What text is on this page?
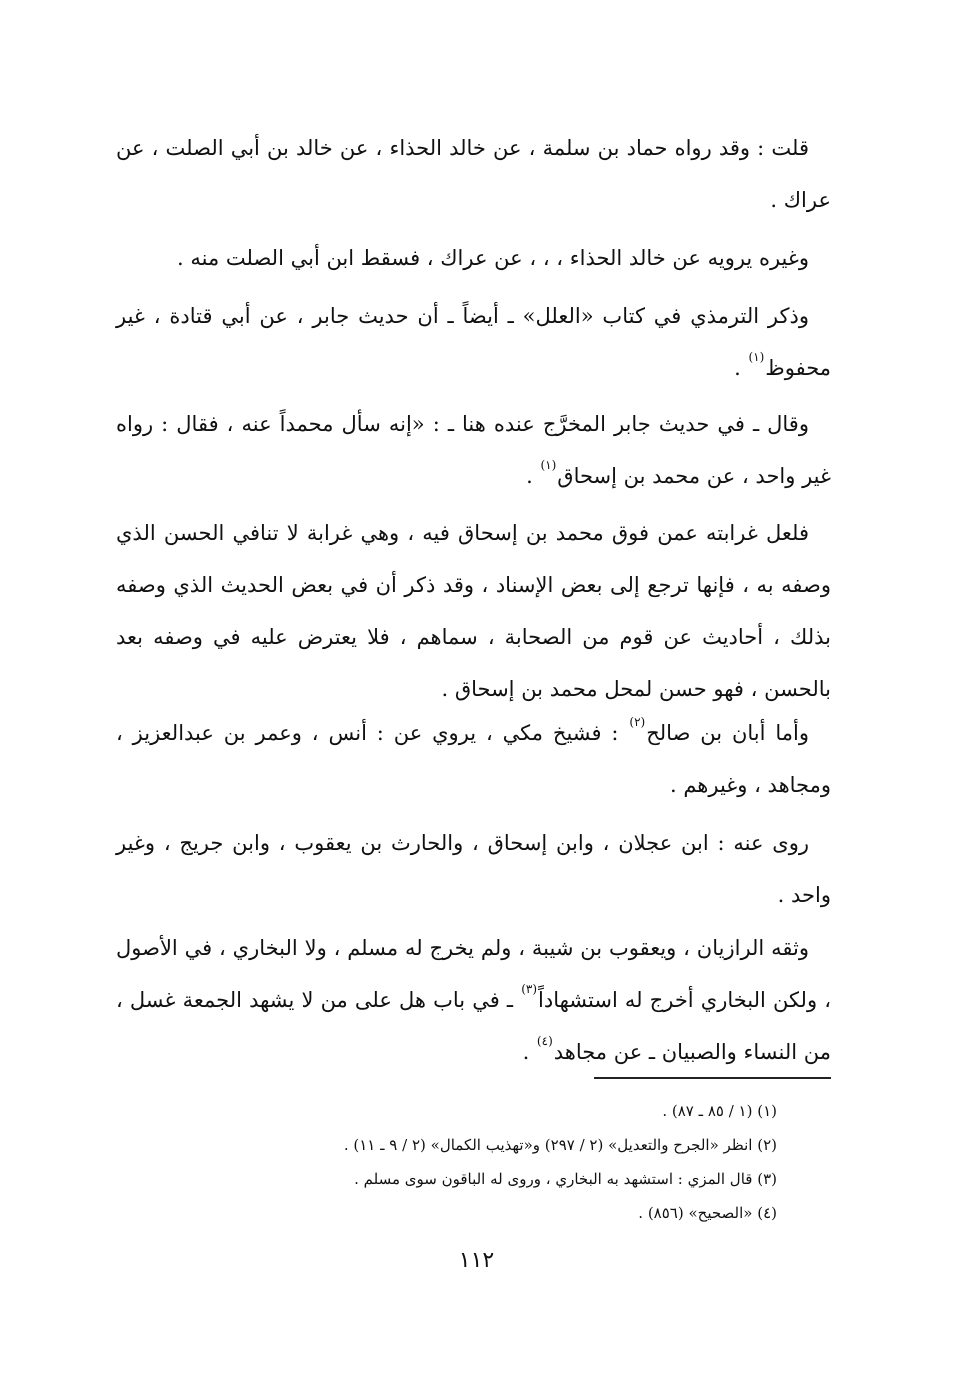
قلت : وقد رواه حماد بن سلمة ، عن خالد الحذاء ، عن خالد بن أبي الصلت ، عن عراك .

وغيره يرويه عن خالد الحذاء ، ، ، عن عراك ، فسقط ابن أبي الصلت منه .

وذكر الترمذي في كتاب «العلل» ـ أيضاً ـ أن حديث جابر ، عن أبي قتادة ، غير محفوظ$^{(١)}$ .

وقال ـ في حديث جابر المخرَّج عنده هنا ـ : «إنه سأل محمداً عنه ، فقال : رواه غير واحد ، عن محمد بن إسحاق$^{(١)}$ .

فلعل غرابته عمن فوق محمد بن إسحاق فيه ، وهي غرابة لا تنافي الحسن الذي وصفه به ، فإنها ترجع إلى بعض الإسناد ، وقد ذكر أن في بعض الحديث الذي وصفه بذلك ، أحاديث عن قوم من الصحابة ، سماهم ، فلا يعترض عليه في وصفه بعد بالحسن ، فهو حسن لمحل محمد بن إسحاق .

وأما أبان بن صالح$^{(٢)}$ : فشيخ مكي ، يروي عن : أنس ، وعمر بن عبدالعزيز ، ومجاهد ، وغيرهم .

روى عنه : ابن عجلان ، وابن إسحاق ، والحارث بن يعقوب ، وابن جريج ، وغير واحد .

وثقه الرازيان ، ويعقوب بن شيبة ، ولم يخرج له مسلم ، ولا البخاري ، في الأصول ، ولكن البخاري أخرج له استشهاداً$^{(٣)}$ ـ في باب هل على من لا يشهد الجمعة غسل ، من النساء والصبيان ـ عن مجاهد$^{(٤)}$ .

(١) (١ / ٨٥ ـ ٨٧) .

(٢) انظر «الجرح والتعديل» (٢ / ٢٩٧) و«تهذيب الكمال» (٢ / ٩ ـ ١١) .

(٣) قال المزي : استشهد به البخاري ، وروى له الباقون سوى مسلم .

(٤) «الصحيح» (٨٥٦) .

١١٢
